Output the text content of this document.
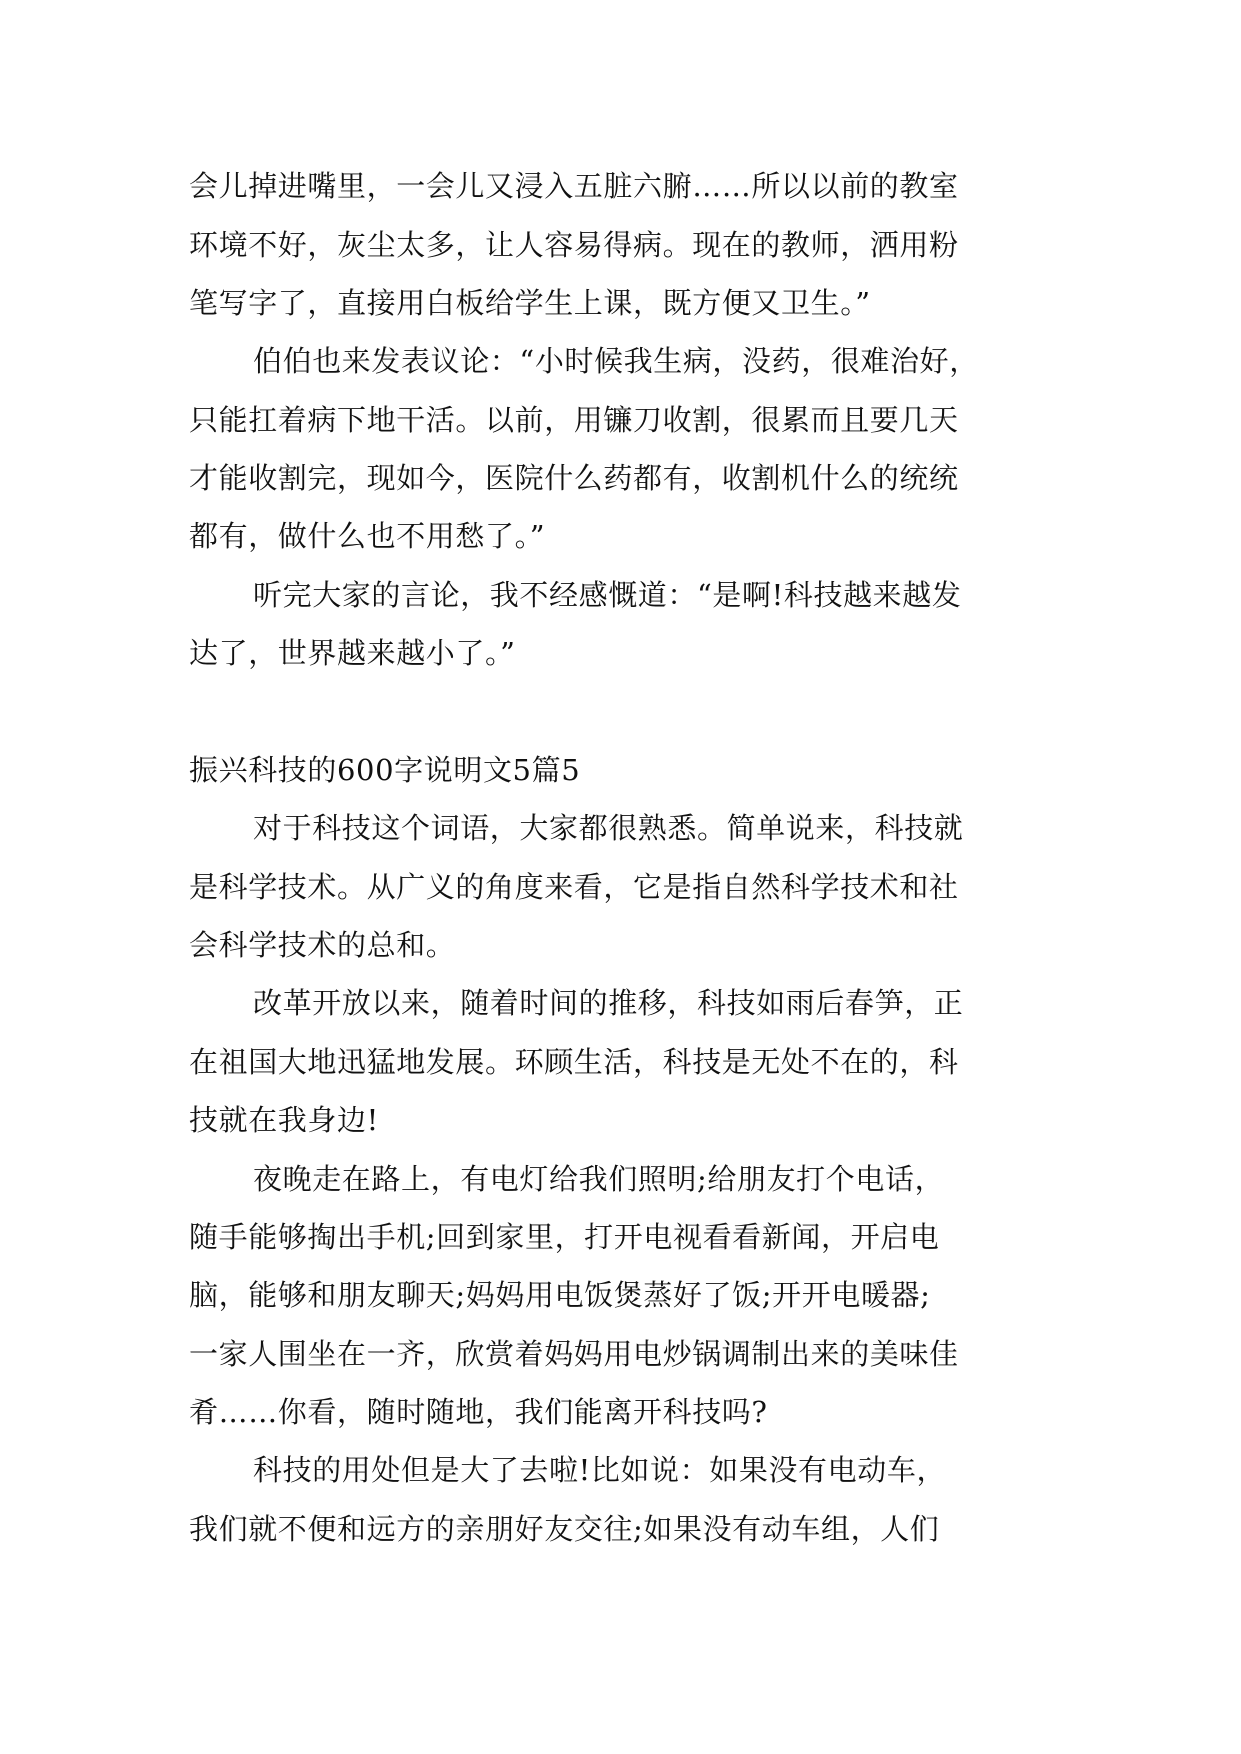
会儿掉进嘴里，一会儿又浸入五脏六腑……所以以前的教室
环境不好，灰尘太多，让人容易得病。现在的教师，洒用粉
笔写字了，直接用白板给学生上课，既方便又卫生。”
伯伯也来发表议论：“小时候我生病，没药，很难治好，
只能扛着病下地干活。以前，用镰刀收割，很累而且要几天
才能收割完，现如今，医院什么药都有，收割机什么的统统
都有，做什么也不用愁了。”
听完大家的言论，我不经感慨道：“是啊!科技越来越发
达了，世界越来越小了。”
振兴科技的600字说明文5篇5
对于科技这个词语，大家都很熟悉。简单说来，科技就
是科学技术。从广义的角度来看，它是指自然科学技术和社
会科学技术的总和。
改革开放以来，随着时间的推移，科技如雨后春笋，正
在祖国大地迅猛地发展。环顾生活，科技是无处不在的，科
技就在我身边!
夜晚走在路上，有电灯给我们照明;给朋友打个电话，
随手能够掏出手机;回到家里，打开电视看看新闻，开启电
脑，能够和朋友聊天;妈妈用电饭煲蒸好了饭;开开电暖器;
一家人围坐在一齐，欣赏着妈妈用电炒锅调制出来的美味佳
肴……你看，随时随地，我们能离开科技吗?
科技的用处但是大了去啦!比如说：如果没有电动车，
我们就不便和远方的亲朋好友交往;如果没有动车组，人们
